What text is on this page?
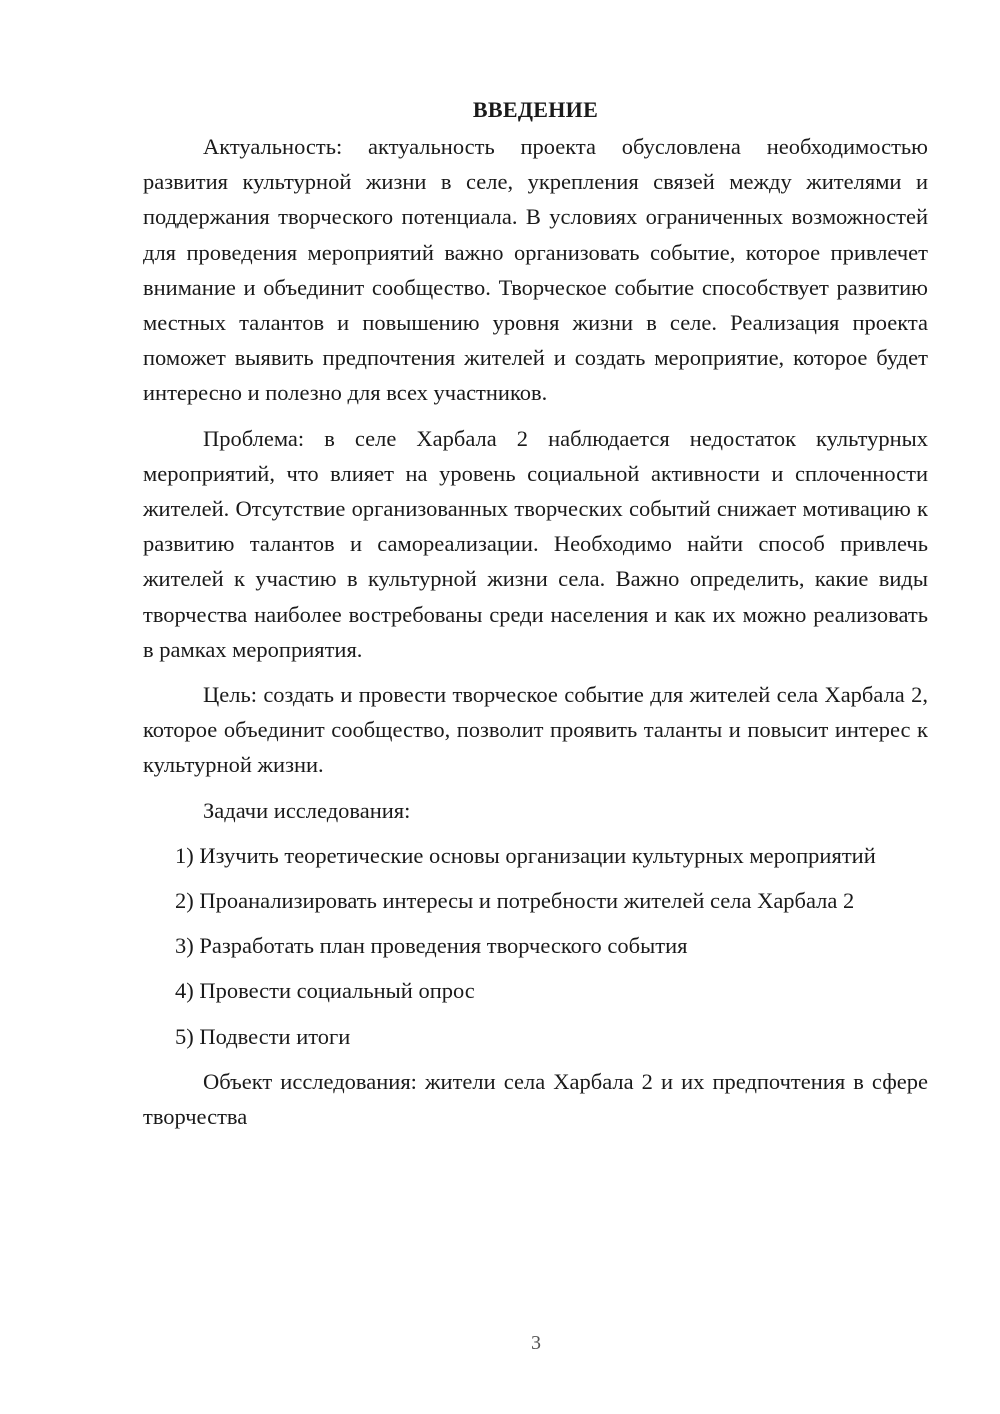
ВВЕДЕНИЕ

Актуальность: актуальность проекта обусловлена необходимостью развития культурной жизни в селе, укрепления связей между жителями и поддержания творческого потенциала. В условиях ограниченных возможностей для проведения мероприятий важно организовать событие, которое привлечет внимание и объединит сообщество. Творческое событие способствует развитию местных талантов и повышению уровня жизни в селе. Реализация проекта поможет выявить предпочтения жителей и создать мероприятие, которое будет интересно и полезно для всех участников.

Проблема: в селе Харбала 2 наблюдается недостаток культурных мероприятий, что влияет на уровень социальной активности и сплоченности жителей. Отсутствие организованных творческих событий снижает мотивацию к развитию талантов и самореализации. Необходимо найти способ привлечь жителей к участию в культурной жизни села. Важно определить, какие виды творчества наиболее востребованы среди населения и как их можно реализовать в рамках мероприятия.

Цель: создать и провести творческое событие для жителей села Харбала 2, которое объединит сообщество, позволит проявить таланты и повысит интерес к культурной жизни.

Задачи исследования:

1) Изучить теоретические основы организации культурных мероприятий

2) Проанализировать интересы и потребности жителей села Харбала 2

3) Разработать план проведения творческого события

4) Провести социальный опрос

5) Подвести итоги

Объект исследования: жители села Харбала 2 и их предпочтения в сфере творчества

3
